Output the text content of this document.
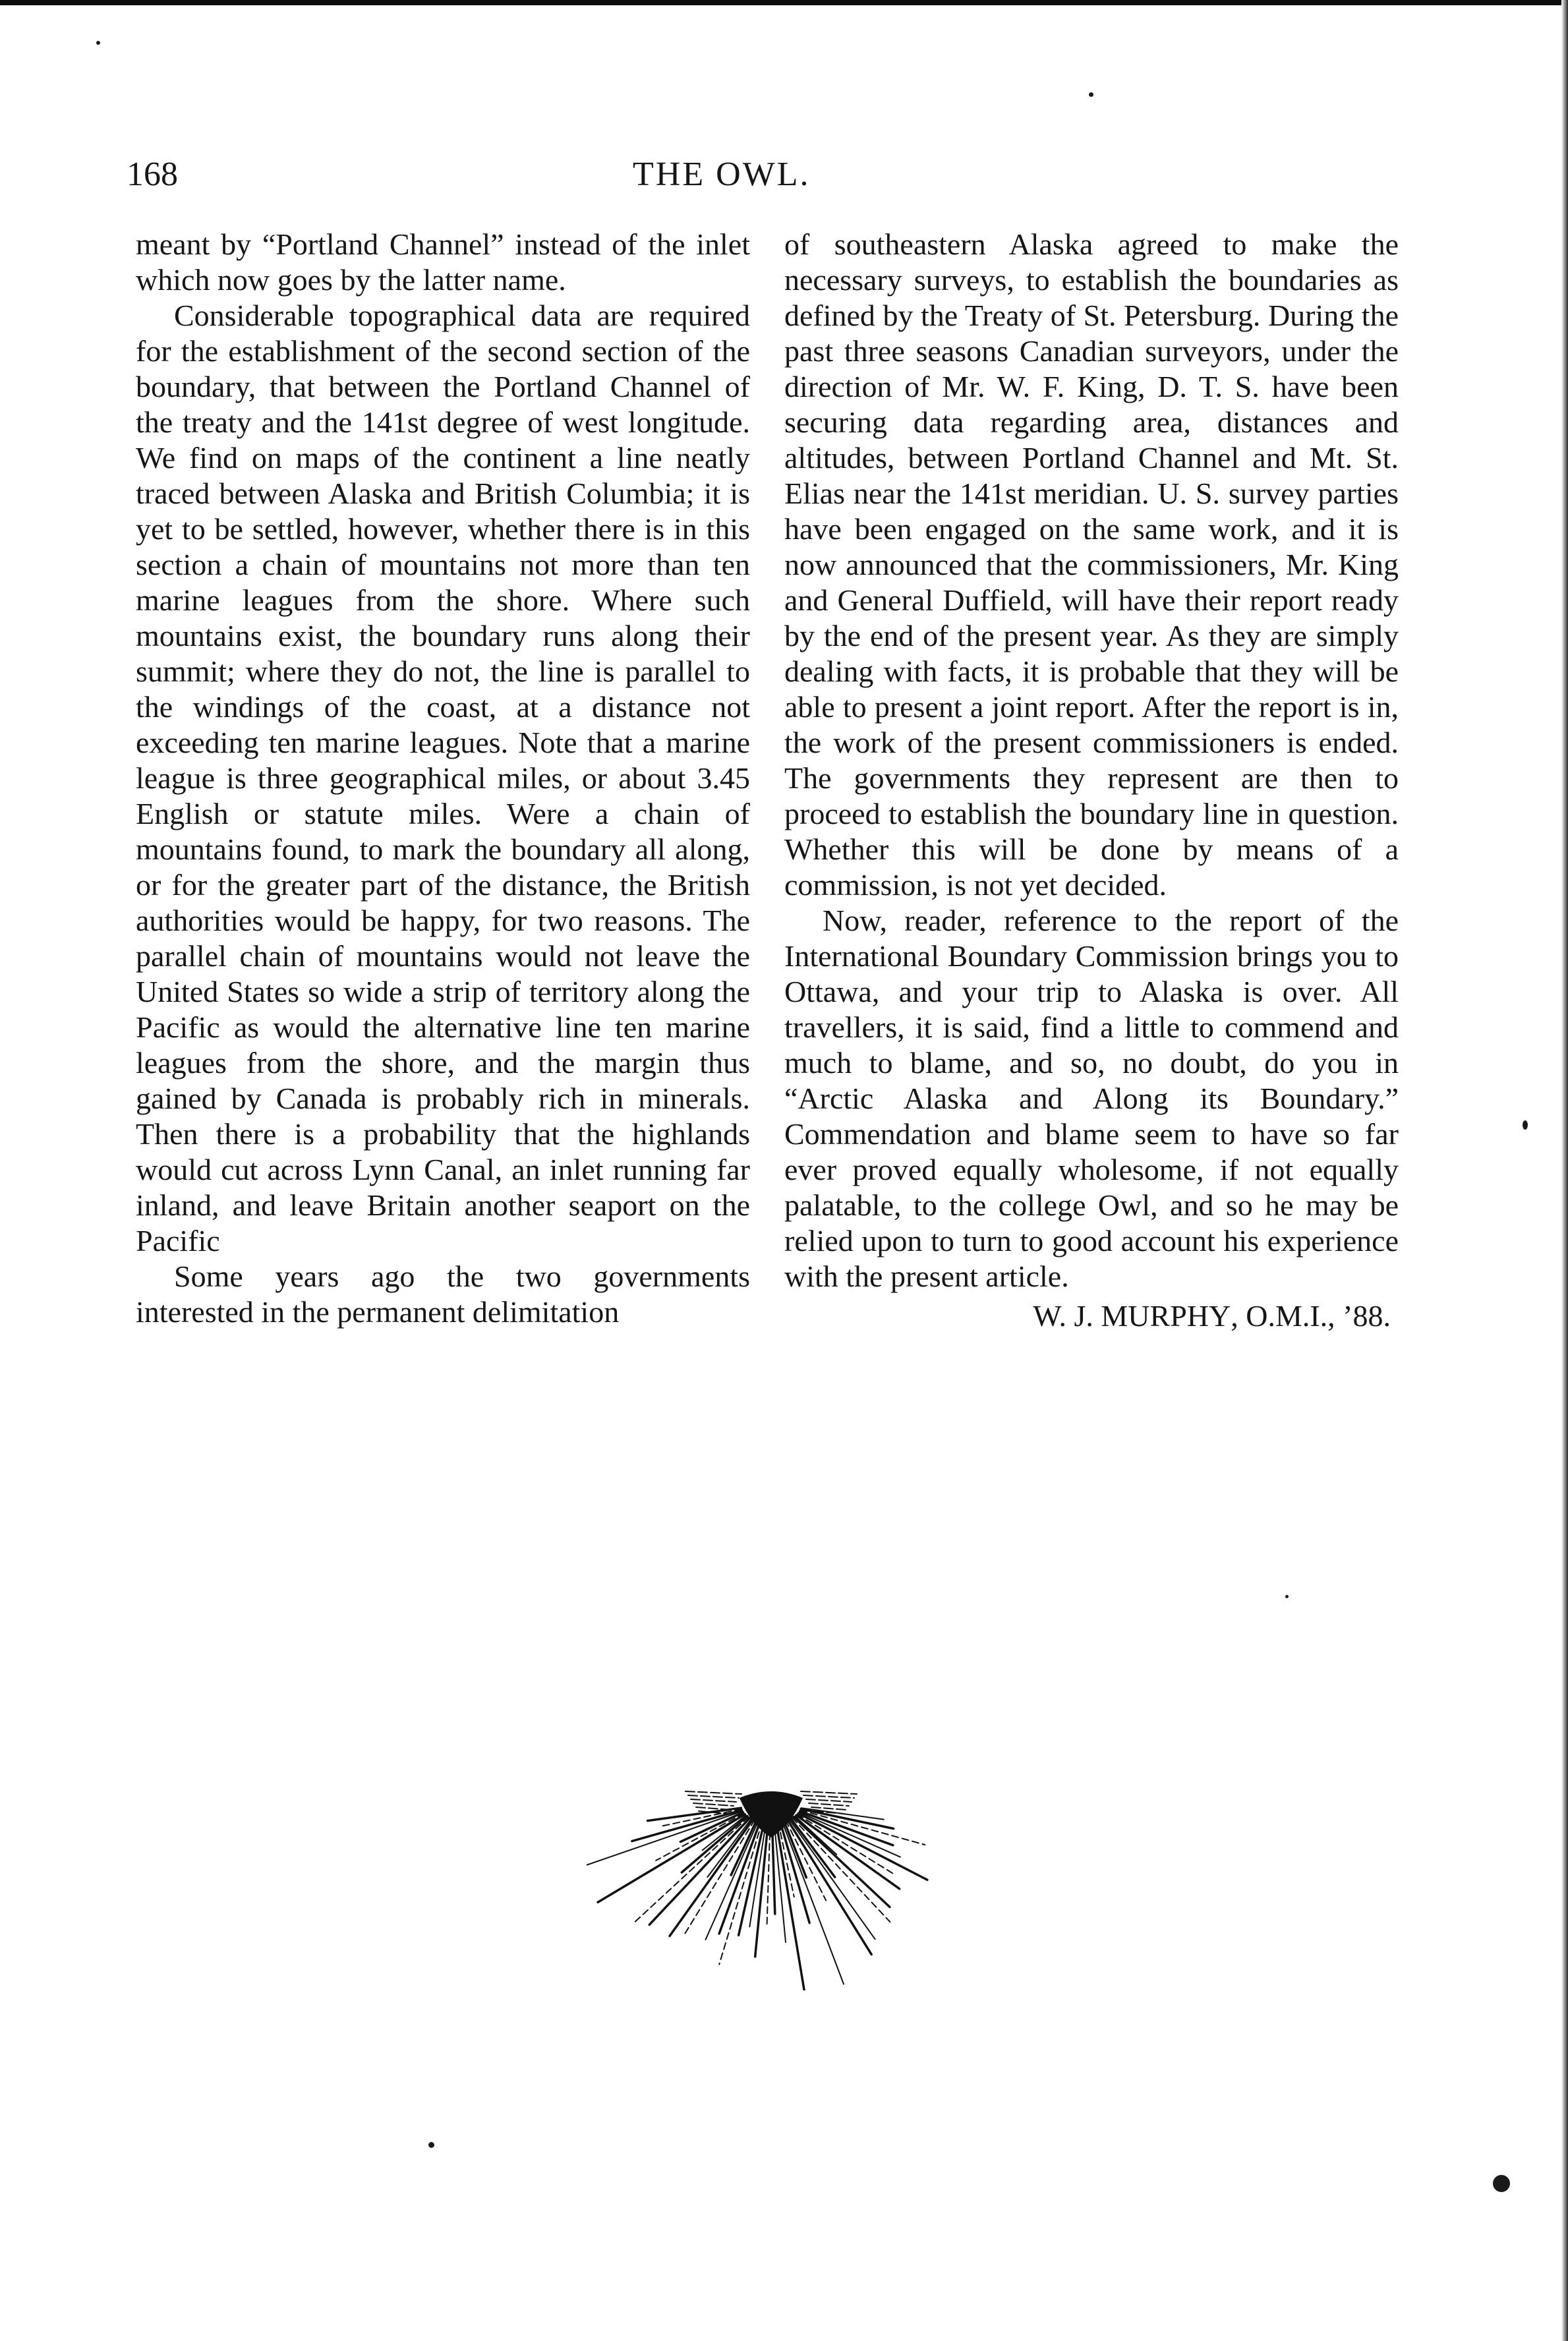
168	THE OWL.

meant by “Portland Channel” instead of the inlet which now goes by the latter name.

Considerable topographical data are required for the establishment of the second section of the boundary, that between the Portland Channel of the treaty and the 141st degree of west longitude. We find on maps of the continent a line neatly traced between Alaska and British Columbia; it is yet to be settled, however, whether there is in this section a chain of mountains not more than ten marine leagues from the shore. Where such mountains exist, the boundary runs along their summit; where they do not, the line is parallel to the windings of the coast, at a distance not exceeding ten marine leagues. Note that a marine league is three geographical miles, or about 3.45 English or statute miles. Were a chain of mountains found, to mark the boundary all along, or for the greater part of the distance, the British authorities would be happy, for two reasons. The parallel chain of mountains would not leave the United States so wide a strip of territory along the Pacific as would the alternative line ten marine leagues from the shore, and the margin thus gained by Canada is probably rich in minerals. Then there is a probability that the highlands would cut across Lynn Canal, an inlet running far inland, and leave Britain another seaport on the Pacific

Some years ago the two governments interested in the permanent delimitation

of southeastern Alaska agreed to make the necessary surveys, to establish the boundaries as defined by the Treaty of St. Petersburg. During the past three seasons Canadian surveyors, under the direction of Mr. W. F. King, D. T. S. have been securing data regarding area, distances and altitudes, between Portland Channel and Mt. St. Elias near the 141st meridian. U. S. survey parties have been engaged on the same work, and it is now announced that the commissioners, Mr. King and General Duffield, will have their report ready by the end of the present year. As they are simply dealing with facts, it is probable that they will be able to present a joint report. After the report is in, the work of the present commissioners is ended. The governments they represent are then to proceed to establish the boundary line in question. Whether this will be done by means of a commission, is not yet decided.

Now, reader, reference to the report of the International Boundary Commission brings you to Ottawa, and your trip to Alaska is over. All travellers, it is said, find a little to commend and much to blame, and so, no doubt, do you in “Arctic Alaska and Along its Boundary.” Commendation and blame seem to have so far ever proved equally wholesome, if not equally palatable, to the college Owl, and so he may be relied upon to turn to good account his experience with the present article.

W. J. MURPHY, O.M.I., ’88.
